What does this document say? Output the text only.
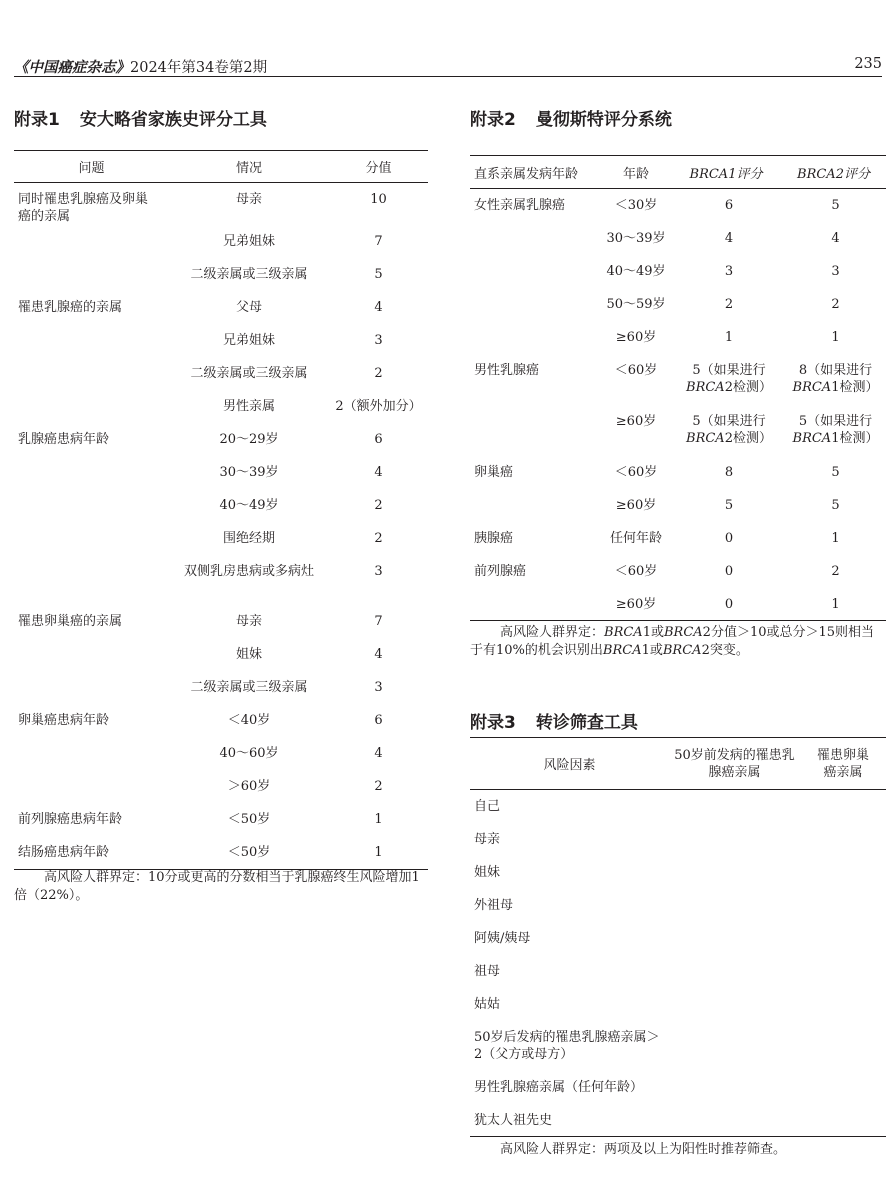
《中国癌症杂志》2024年第34卷第2期	235
附录1 安大略省家族史评分工具
问题	情况	分值
同时罹患乳腺癌及卵巢癌的亲属	母亲	10
	兄弟姐妹	7
	二级亲属或三级亲属	5
罹患乳腺癌的亲属	父母	4
	兄弟姐妹	3
	二级亲属或三级亲属	2
	男性亲属	2（额外加分）
乳腺癌患病年龄	20～29岁	6
	30～39岁	4
	40～49岁	2
	围绝经期	2
	双侧乳房患病或多病灶	3
罹患卵巢癌的亲属	母亲	7
	姐妹	4
	二级亲属或三级亲属	3
卵巢癌患病年龄	＜40岁	6
	40～60岁	4
	＞60岁	2
前列腺癌患病年龄	＜50岁	1
结肠癌患病年龄	＜50岁	1
高风险人群界定：10分或更高的分数相当于乳腺癌终生风险增加1倍（22%）。
附录2 曼彻斯特评分系统
直系亲属发病年龄	年龄	BRCA1评分	BRCA2评分
女性亲属乳腺癌	＜30岁	6	5
	30～39岁	4	4
	40～49岁	3	3
	50～59岁	2	2
	≥60岁	1	1
男性乳腺癌	＜60岁	5（如果进行BRCA2检测）	8（如果进行BRCA1检测）
	≥60岁	5（如果进行BRCA2检测）	5（如果进行BRCA1检测）
卵巢癌	＜60岁	8	5
	≥60岁	5	5
胰腺癌	任何年龄	0	1
前列腺癌	＜60岁	0	2
	≥60岁	0	1
高风险人群界定：BRCA1或BRCA2分值＞10或总分＞15则相当于有10%的机会识别出BRCA1或BRCA2突变。
附录3 转诊筛查工具
风险因素	50岁前发病的罹患乳腺癌亲属	罹患卵巢癌亲属
自己		
母亲		
姐妹		
外祖母		
阿姨/姨母		
祖母		
姑姑		
50岁后发病的罹患乳腺癌亲属＞2（父方或母方）		
男性乳腺癌亲属（任何年龄）		
犹太人祖先史		
高风险人群界定：两项及以上为阳性时推荐筛查。
